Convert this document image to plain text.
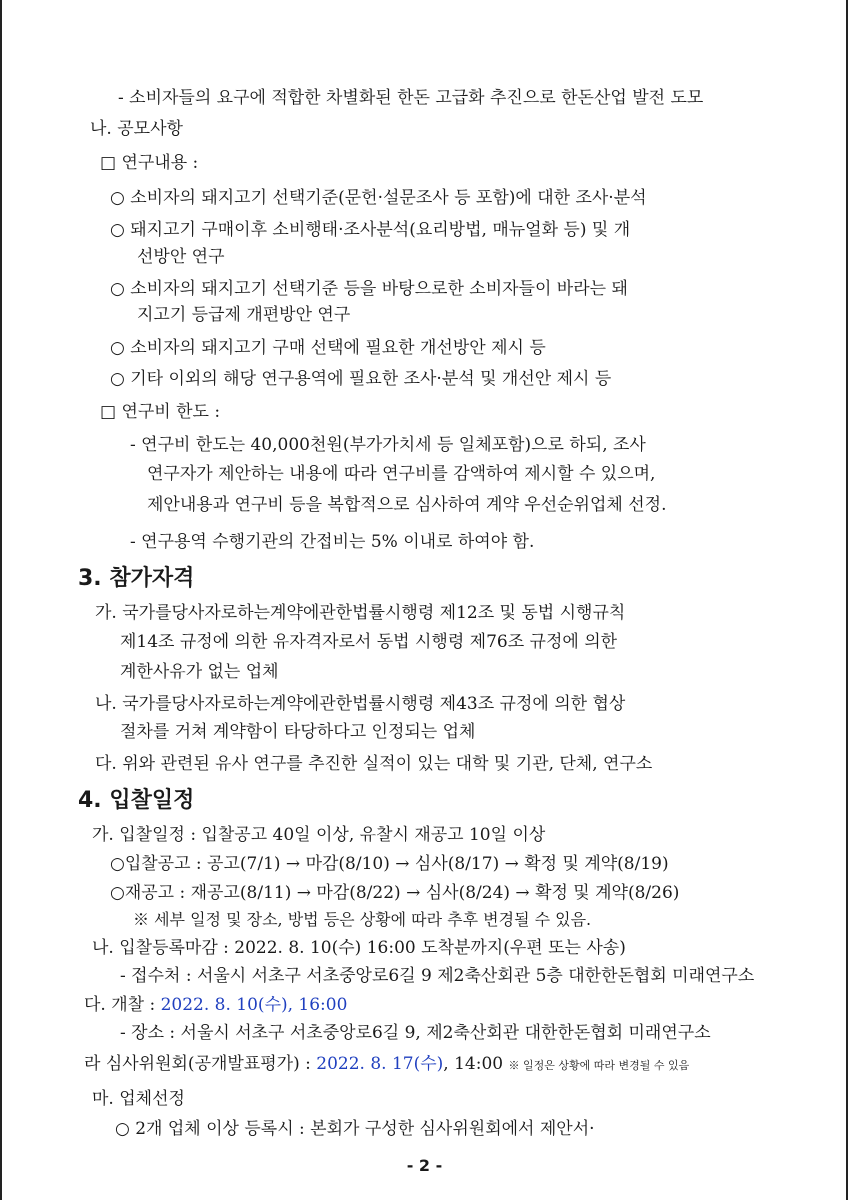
- 소비자들의 요구에 적합한 차별화된 한돈 고급화 추진으로 한돈산업 발전 도모
나. 공모사항
□ 연구내용 :
○ 소비자의 돼지고기 선택기준(문헌·설문조사 등 포함)에 대한 조사·분석
○ 돼지고기 구매이후 소비행태·조사분석(요리방법, 매뉴얼화 등) 및 개
선방안 연구
○ 소비자의 돼지고기 선택기준 등을 바탕으로한 소비자들이 바라는 돼
지고기 등급제 개편방안 연구
○ 소비자의 돼지고기 구매 선택에 필요한 개선방안 제시 등
○ 기타 이외의 해당 연구용역에 필요한 조사·분석 및 개선안 제시 등
□ 연구비 한도 :
- 연구비 한도는 40,000천원(부가가치세 등 일체포함)으로 하되, 조사
연구자가 제안하는 내용에 따라 연구비를 감액하여 제시할 수 있으며,
제안내용과 연구비 등을 복합적으로 심사하여 계약 우선순위업체 선정.
- 연구용역 수행기관의 간접비는 5% 이내로 하여야 함.
3. 참가자격
가. 국가를당사자로하는계약에관한법률시행령 제12조 및 동법 시행규칙
제14조 규정에 의한 유자격자로서 동법 시행령 제76조 규정에 의한
계한사유가 없는 업체
나. 국가를당사자로하는계약에관한법률시행령 제43조 규정에 의한 협상
절차를 거쳐 계약함이 타당하다고 인정되는 업체
다. 위와 관련된 유사 연구를 추진한 실적이 있는 대학 및 기관, 단체, 연구소
4. 입찰일정
가. 입찰일정 : 입찰공고 40일 이상, 유찰시 재공고 10일 이상
○입찰공고 : 공고(7/1) → 마감(8/10) → 심사(8/17) → 확정 및 계약(8/19)
○재공고 : 재공고(8/11) → 마감(8/22) → 심사(8/24) → 확정 및 계약(8/26)
※ 세부 일정 및 장소, 방법 등은 상황에 따라 추후 변경될 수 있음.
나. 입찰등록마감 : 2022. 8. 10(수) 16:00 도착분까지(우편 또는 사송)
- 접수처 : 서울시 서초구 서초중앙로6길 9 제2축산회관 5층 대한한돈협회 미래연구소
다. 개찰 : 2022. 8. 10(수), 16:00
- 장소 : 서울시 서초구 서초중앙로6길 9, 제2축산회관 대한한돈협회 미래연구소
라 심사위원회(공개발표평가) : 2022. 8. 17(수), 14:00 ※ 일정은 상황에 따라 변경될 수 있음
마. 업체선정
○ 2개 업체 이상 등록시 : 본회가 구성한 심사위원회에서 제안서·
- 2 -
